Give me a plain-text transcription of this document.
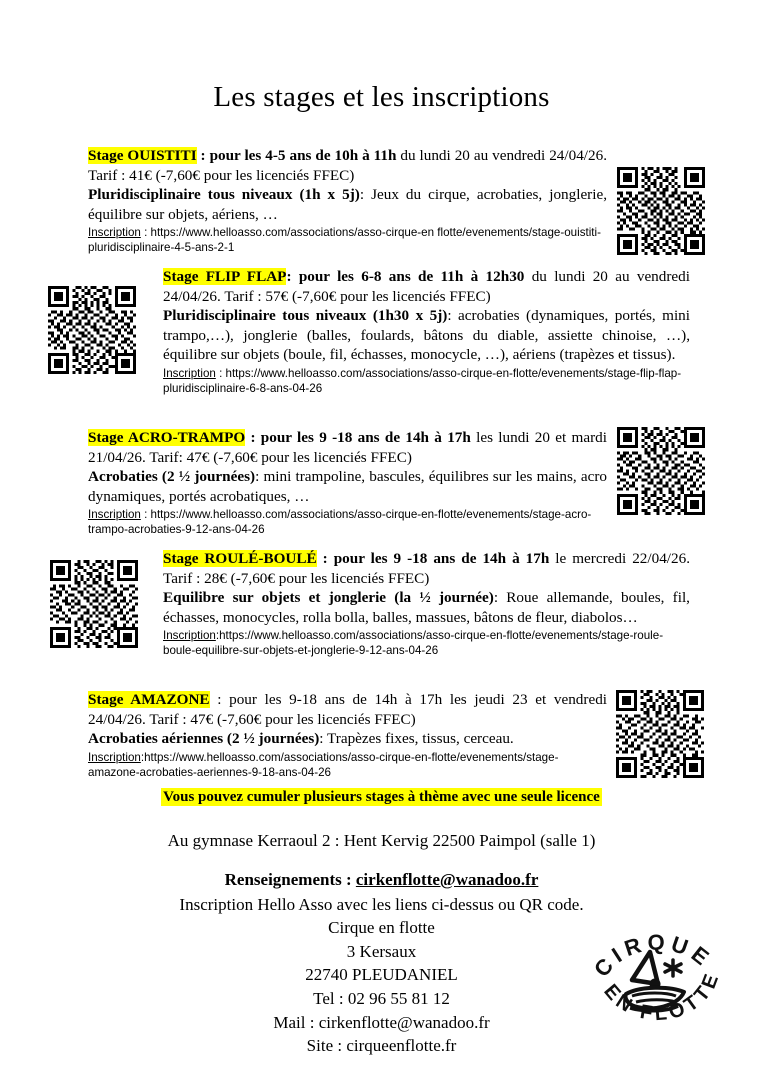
Les stages et les inscriptions

Stage OUISTITI : pour les 4-5 ans de 10h à 11h du lundi 20 au vendredi 24/04/26. Tarif : 41€ (-7,60€ pour les licenciés FFEC)

Pluridisciplinaire tous niveaux (1h x 5j): Jeux du cirque, acrobaties, jonglerie, équilibre sur objets, aériens, …

Inscription : https://www.helloasso.com/associations/asso-cirque-en flotte/evenements/stage-ouistiti-pluridisciplinaire-4-5-ans-2-1

Stage FLIP FLAP: pour les 6-8 ans de 11h à 12h30 du lundi 20 au vendredi 24/04/26. Tarif : 57€ (-7,60€ pour les licenciés FFEC)

Pluridisciplinaire tous niveaux (1h30 x 5j): acrobaties (dynamiques, portés, mini trampo,…), jonglerie (balles, foulards, bâtons du diable, assiette chinoise, …), équilibre sur objets (boule, fil, échasses, monocycle, …), aériens (trapèzes et tissus).

Inscription : https://www.helloasso.com/associations/asso-cirque-en-flotte/evenements/stage-flip-flap-pluridisciplinaire-6-8-ans-04-26

Stage ACRO-TRAMPO : pour les 9 -18 ans de 14h à 17h les lundi 20 et mardi 21/04/26. Tarif: 47€ (-7,60€ pour les licenciés FFEC)

Acrobaties (2 ½ journées): mini trampoline, bascules, équilibres sur les mains, acro dynamiques, portés acrobatiques, …

Inscription : https://www.helloasso.com/associations/asso-cirque-en-flotte/evenements/stage-acro-trampo-acrobaties-9-12-ans-04-26

Stage ROULÉ-BOULÉ : pour les 9 -18 ans de 14h à 17h le mercredi 22/04/26. Tarif : 28€ (-7,60€ pour les licenciés FFEC)

Equilibre sur objets et jonglerie (la ½ journée): Roue allemande, boules, fil, échasses, monocycles, rolla bolla, balles, massues, bâtons de fleur, diabolos…

Inscription:https://www.helloasso.com/associations/asso-cirque-en-flotte/evenements/stage-roule-boule-equilibre-sur-objets-et-jonglerie-9-12-ans-04-26

Stage AMAZONE : pour les 9-18 ans de 14h à 17h les jeudi 23 et vendredi 24/04/26. Tarif : 47€ (-7,60€ pour les licenciés FFEC)

Acrobaties aériennes (2 ½ journées): Trapèzes fixes, tissus, cerceau.

Inscription:https://www.helloasso.com/associations/asso-cirque-en-flotte/evenements/stage-amazone-acrobaties-aeriennes-9-18-ans-04-26
Vous pouvez cumuler plusieurs stages à thème avec une seule licence
Au gymnase Kerraoul 2 : Hent Kervig 22500 Paimpol (salle 1)
Renseignements : cirkenflotte@wanadoo.fr
Inscription Hello Asso avec les liens ci-dessus ou QR code.
Cirque en flotte
3 Kersaux
22740 PLEUDANIEL
Tel : 02 96 55 81 12
Mail : cirkenflotte@wanadoo.fr
Site : cirqueenflotte.fr
CIRQUE
EN FLOTTE
